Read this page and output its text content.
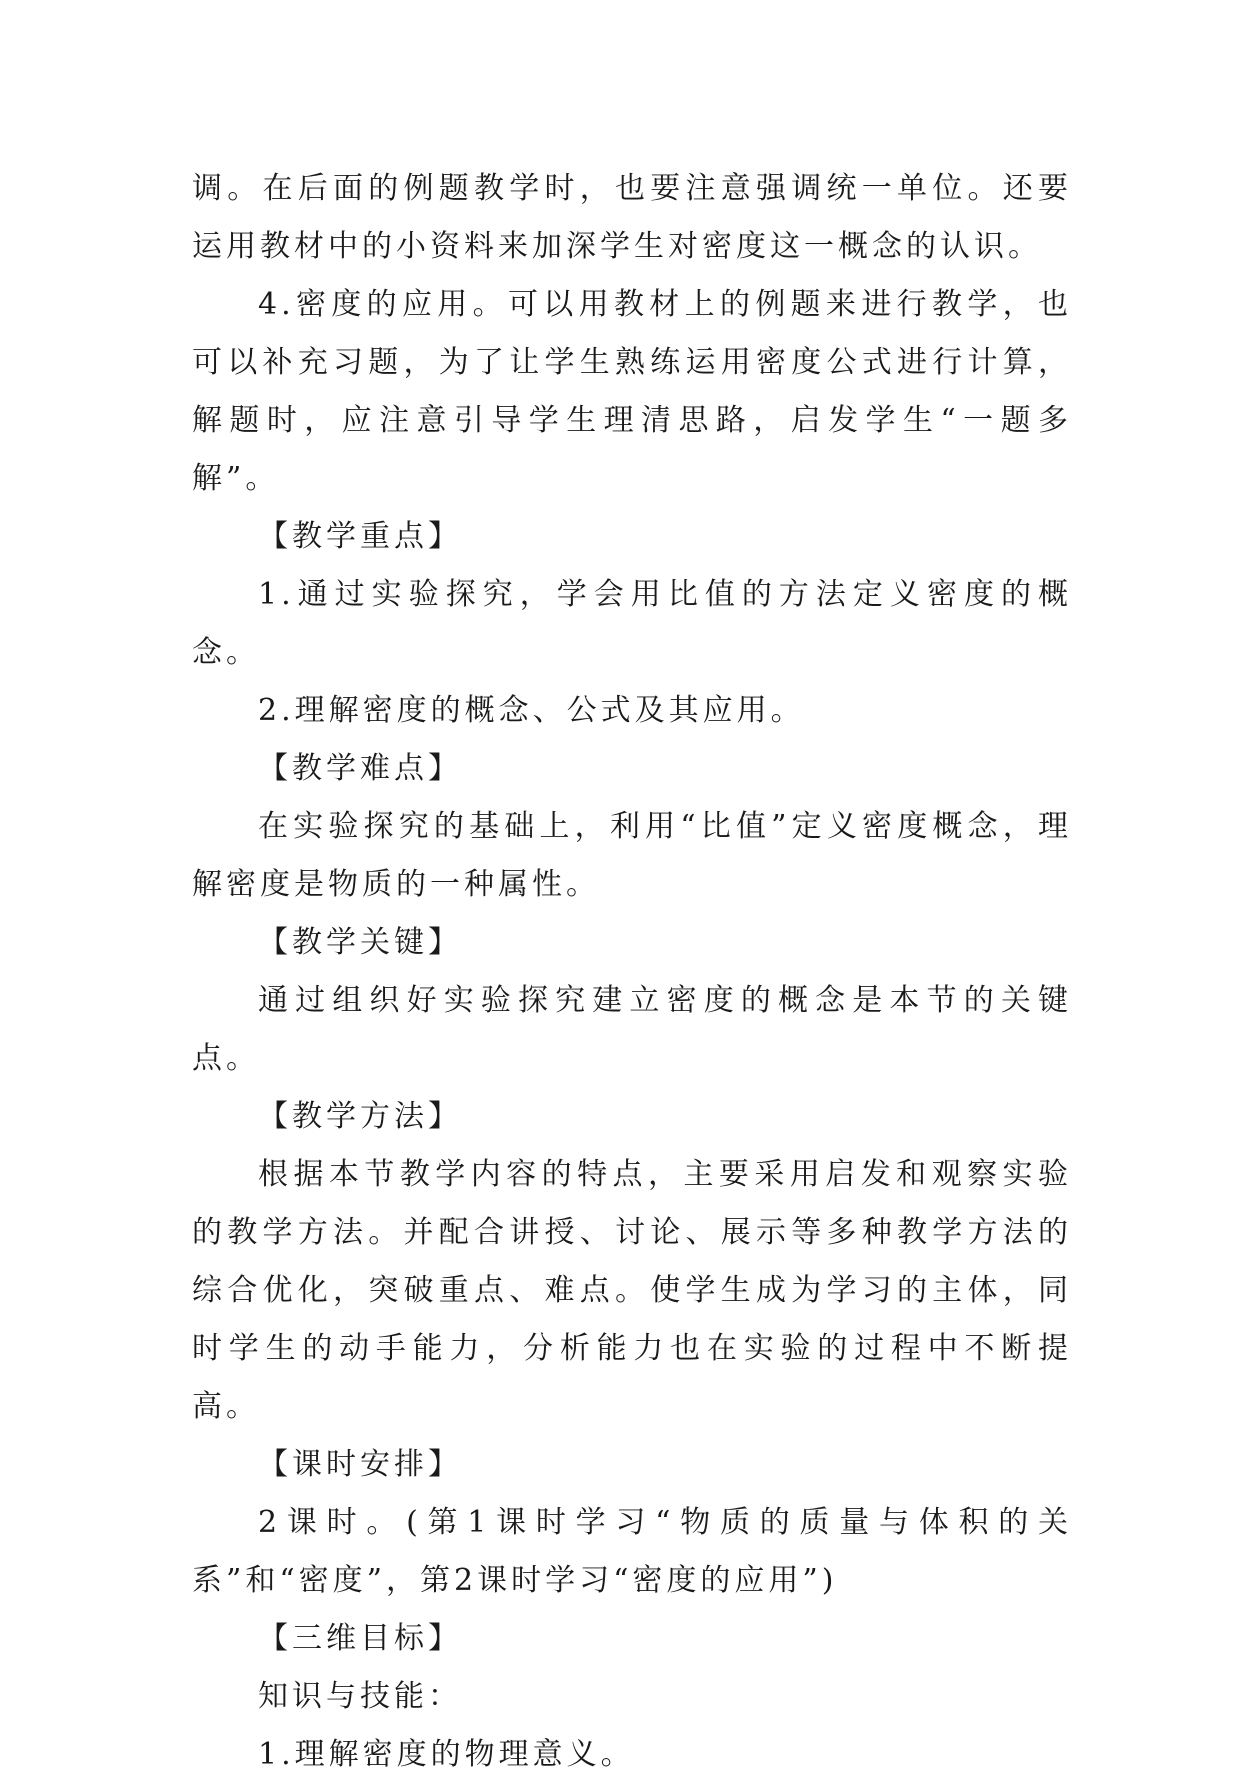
调。在后面的例题教学时，也要注意强调统一单位。还要运用教材中的小资料来加深学生对密度这一概念的认识。

4.密度的应用。可以用教材上的例题来进行教学，也可以补充习题，为了让学生熟练运用密度公式进行计算，解题时，应注意引导学生理清思路，启发学生“一题多解”。

【教学重点】

1.通过实验探究，学会用比值的方法定义密度的概念。

2.理解密度的概念、公式及其应用。

【教学难点】

在实验探究的基础上，利用“比值”定义密度概念，理解密度是物质的一种属性。

【教学关键】

通过组织好实验探究建立密度的概念是本节的关键点。

【教学方法】

根据本节教学内容的特点，主要采用启发和观察实验的教学方法。并配合讲授、讨论、展示等多种教学方法的综合优化，突破重点、难点。使学生成为学习的主体，同时学生的动手能力，分析能力也在实验的过程中不断提高。

【课时安排】

2课时。(第1课时学习“物质的质量与体积的关系”和“密度”，第2课时学习“密度的应用”)

【三维目标】

知识与技能：

1.理解密度的物理意义。
